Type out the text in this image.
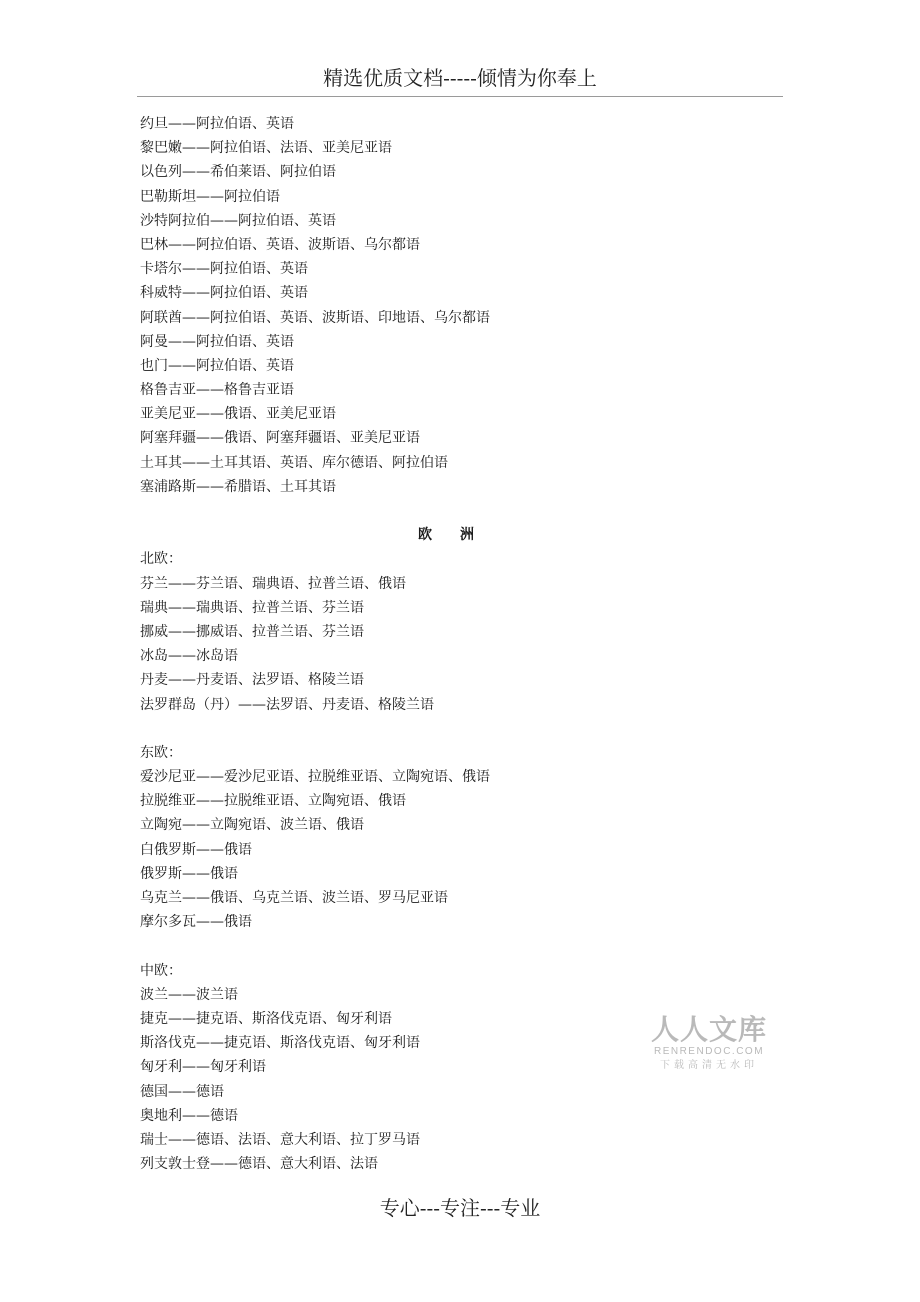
精选优质文档-----倾情为你奉上
约旦——阿拉伯语、英语
黎巴嫩——阿拉伯语、法语、亚美尼亚语
以色列——希伯莱语、阿拉伯语
巴勒斯坦——阿拉伯语
沙特阿拉伯——阿拉伯语、英语
巴林——阿拉伯语、英语、波斯语、乌尔都语
卡塔尔——阿拉伯语、英语
科威特——阿拉伯语、英语
阿联酋——阿拉伯语、英语、波斯语、印地语、乌尔都语
阿曼——阿拉伯语、英语
也门——阿拉伯语、英语
格鲁吉亚——格鲁吉亚语
亚美尼亚——俄语、亚美尼亚语
阿塞拜疆——俄语、阿塞拜疆语、亚美尼亚语
土耳其——土耳其语、英语、库尔德语、阿拉伯语
塞浦路斯——希腊语、土耳其语
欧洲
北欧：
芬兰——芬兰语、瑞典语、拉普兰语、俄语
瑞典——瑞典语、拉普兰语、芬兰语
挪威——挪威语、拉普兰语、芬兰语
冰岛——冰岛语
丹麦——丹麦语、法罗语、格陵兰语
法罗群岛（丹）——法罗语、丹麦语、格陵兰语
东欧：
爱沙尼亚——爱沙尼亚语、拉脱维亚语、立陶宛语、俄语
拉脱维亚——拉脱维亚语、立陶宛语、俄语
立陶宛——立陶宛语、波兰语、俄语
白俄罗斯——俄语
俄罗斯——俄语
乌克兰——俄语、乌克兰语、波兰语、罗马尼亚语
摩尔多瓦——俄语
中欧：
波兰——波兰语
捷克——捷克语、斯洛伐克语、匈牙利语
斯洛伐克——捷克语、斯洛伐克语、匈牙利语
匈牙利——匈牙利语
德国——德语
奥地利——德语
瑞士——德语、法语、意大利语、拉丁罗马语
列支敦士登——德语、意大利语、法语
人人文库
RENRENDOC.COM
下载高清无水印
专心---专注---专业
